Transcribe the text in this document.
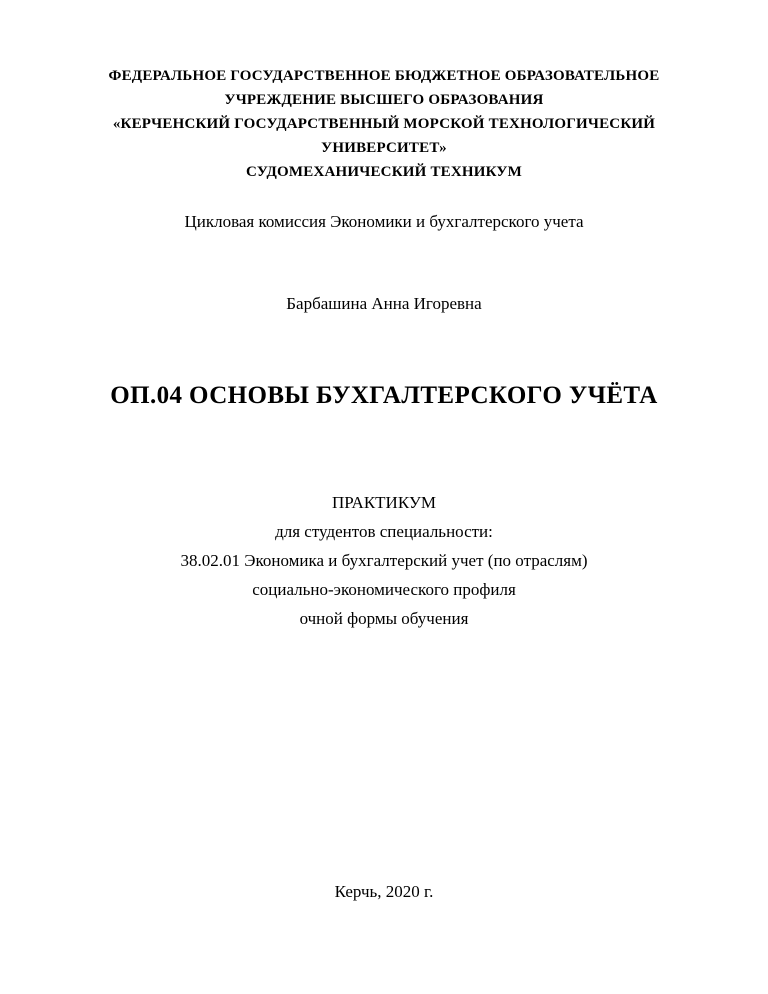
ФЕДЕРАЛЬНОЕ ГОСУДАРСТВЕННОЕ БЮДЖЕТНОЕ ОБРАЗОВАТЕЛЬНОЕ
УЧРЕЖДЕНИЕ ВЫСШЕГО ОБРАЗОВАНИЯ
«КЕРЧЕНСКИЙ ГОСУДАРСТВЕННЫЙ МОРСКОЙ ТЕХНОЛОГИЧЕСКИЙ
УНИВЕРСИТЕТ»
СУДОМЕХАНИЧЕСКИЙ ТЕХНИКУМ
Цикловая комиссия Экономики и бухгалтерского учета
Барбашина Анна Игоревна
ОП.04 ОСНОВЫ БУХГАЛТЕРСКОГО УЧЁТА
ПРАКТИКУМ
для студентов специальности:
38.02.01 Экономика и бухгалтерский учет (по отраслям)
социально-экономического профиля
очной формы обучения
Керчь, 2020 г.
